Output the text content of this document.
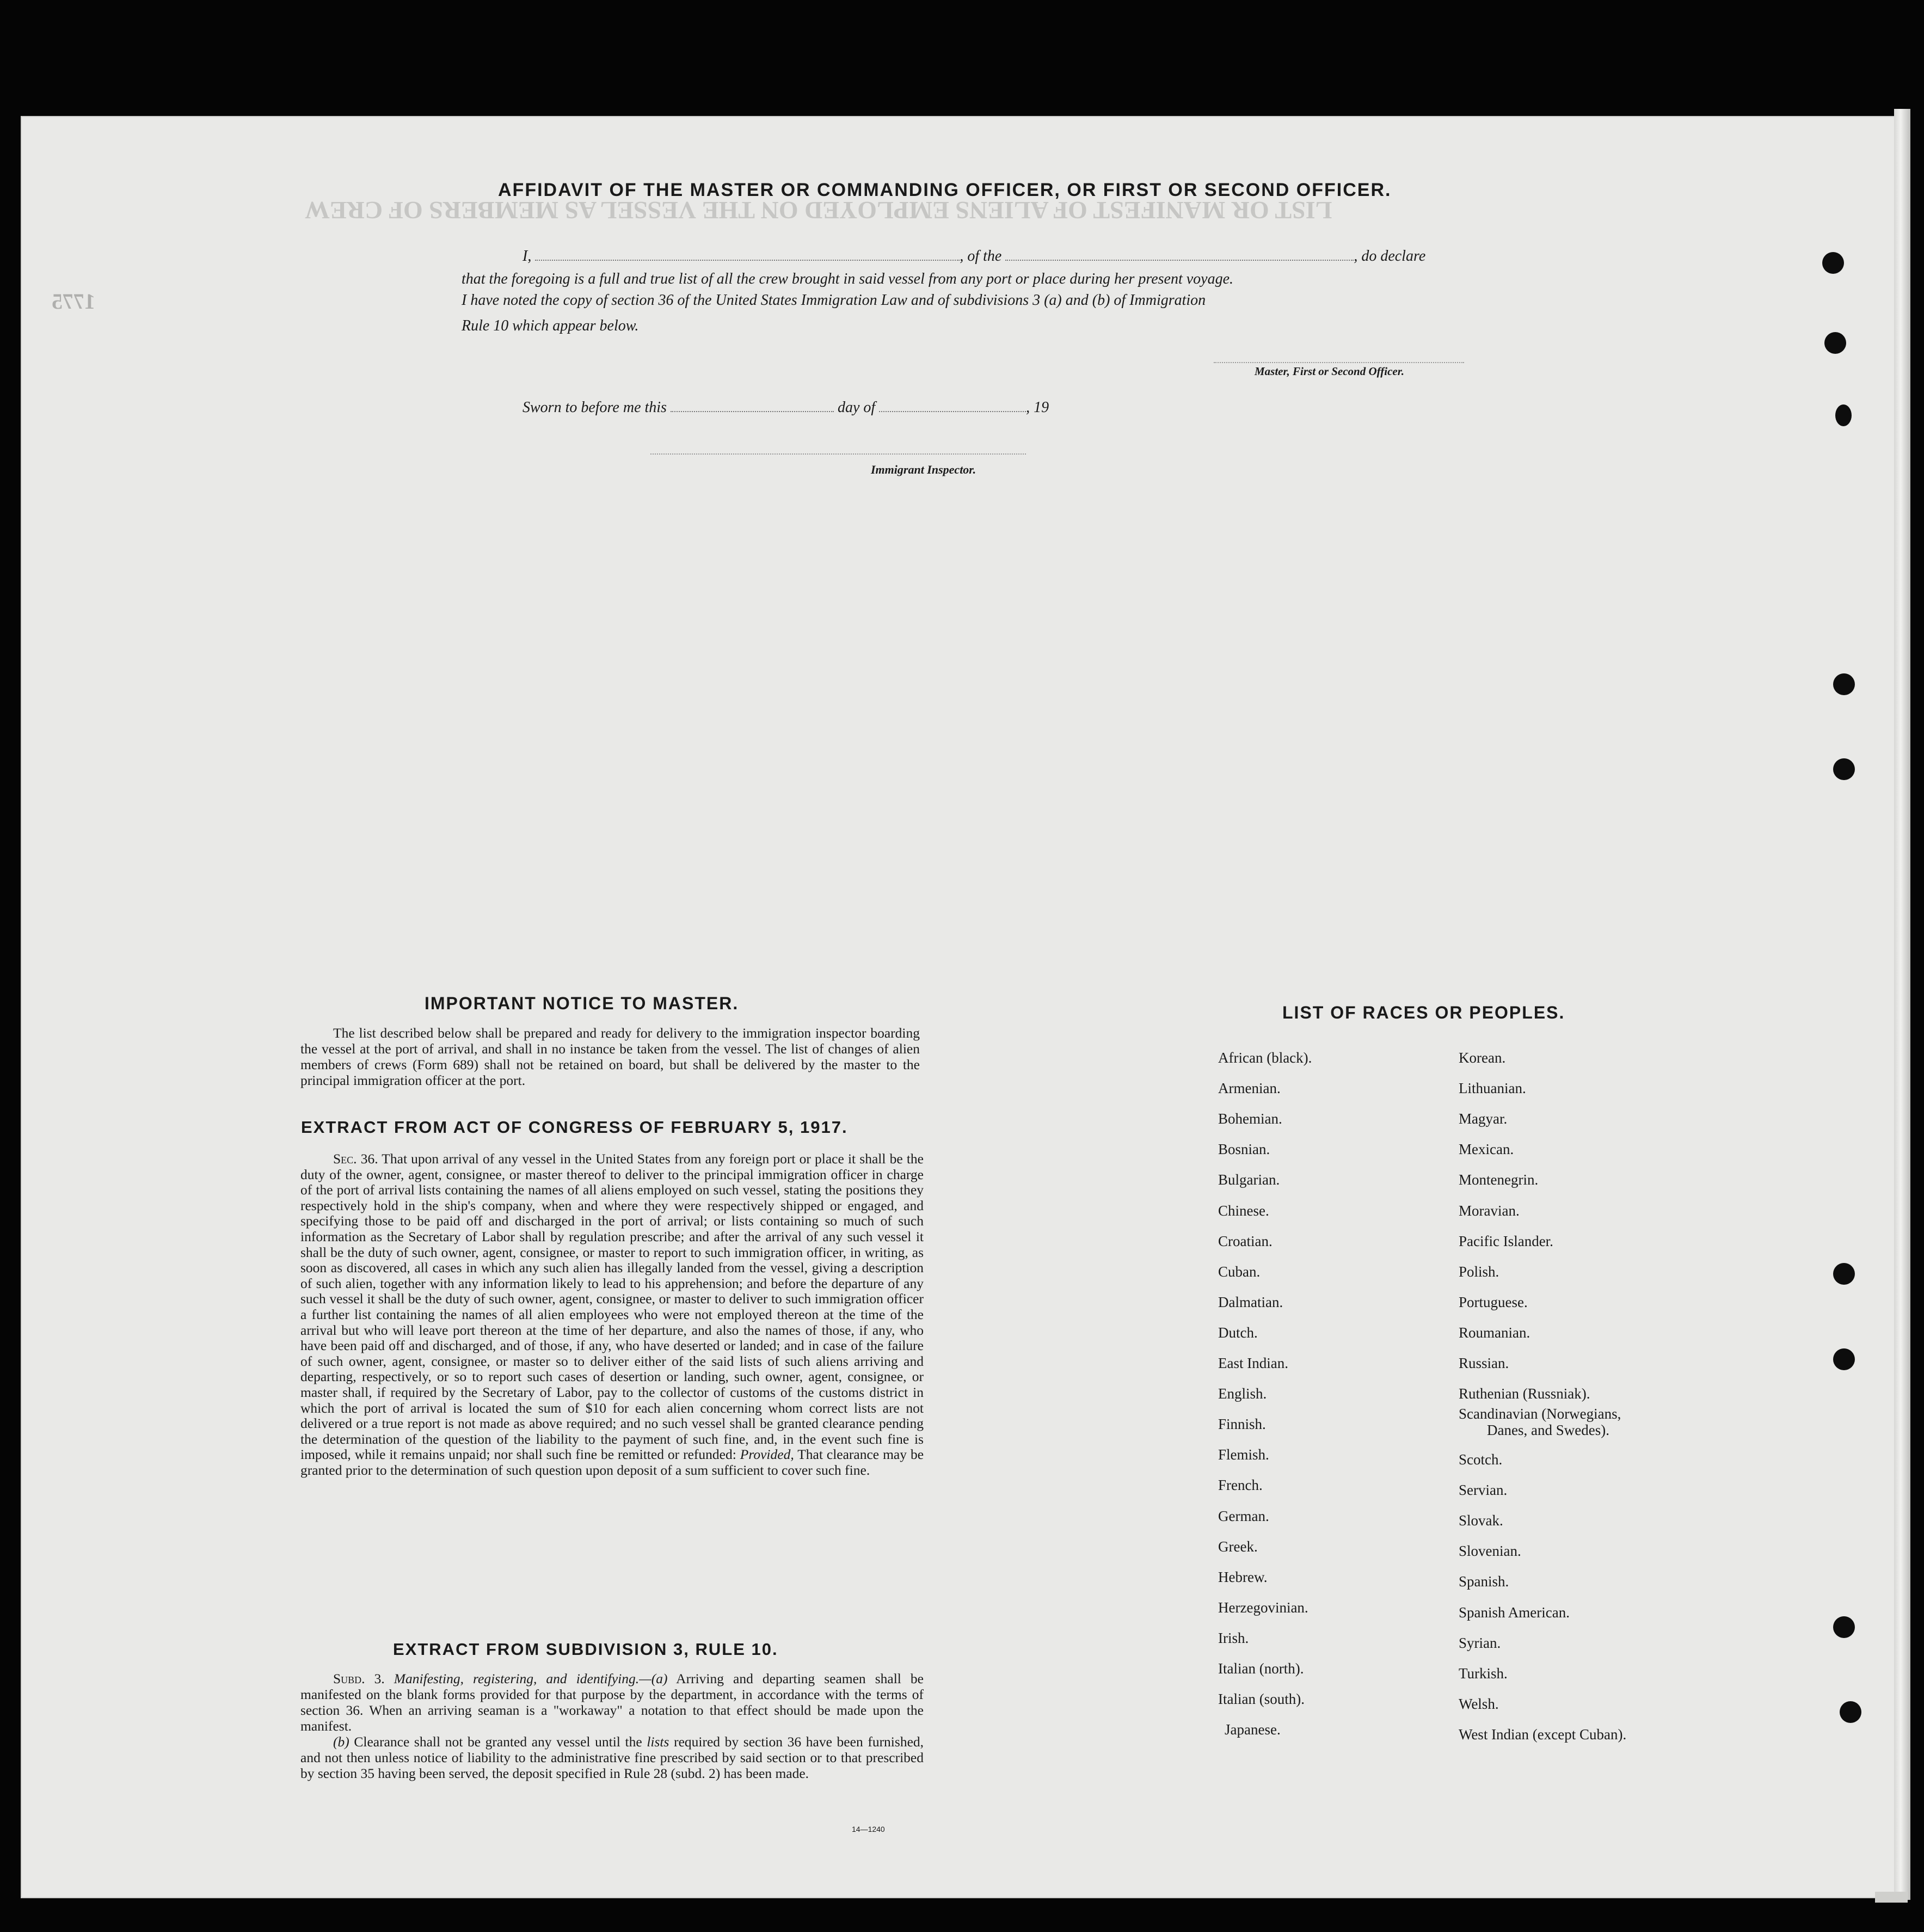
LIST OR MANIFEST OF ALIENS EMPLOYED ON THE VESSEL AS MEMBERS OF CREW
1775
AFFIDAVIT OF THE MASTER OR COMMANDING OFFICER, OR FIRST OR SECOND OFFICER.
I,	, of the	, do declare
that the foregoing is a full and true list of all the crew brought in said vessel from any port or place during her present voyage.
I have noted the copy of section 36 of the United States Immigration Law and of subdivisions 3 (a) and (b) of Immigration
Rule 10 which appear below.
Master, First or Second Officer.
Sworn to before me this	day of	, 19
Immigrant Inspector.
IMPORTANT NOTICE TO MASTER.

The list described below shall be prepared and ready for delivery to the immigration inspector boarding the vessel at the port of arrival, and shall in no instance be taken from the vessel. The list of changes of alien members of crews (Form 689) shall not be retained on board, but shall be delivered by the master to the principal immigration officer at the port.

EXTRACT FROM ACT OF CONGRESS OF FEBRUARY 5, 1917.

Sec. 36. That upon arrival of any vessel in the United States from any foreign port or place it shall be the duty of the owner, agent, consignee, or master thereof to deliver to the principal immigration officer in charge of the port of arrival lists containing the names of all aliens employed on such vessel, stating the positions they respectively hold in the ship's company, when and where they were respectively shipped or engaged, and specifying those to be paid off and discharged in the port of arrival; or lists containing so much of such information as the Secretary of Labor shall by regulation prescribe; and after the arrival of any such vessel it shall be the duty of such owner, agent, consignee, or master to report to such immigration officer, in writing, as soon as discovered, all cases in which any such alien has illegally landed from the vessel, giving a description of such alien, together with any information likely to lead to his apprehension; and before the departure of any such vessel it shall be the duty of such owner, agent, consignee, or master to deliver to such immigration officer a further list containing the names of all alien employees who were not employed thereon at the time of the arrival but who will leave port thereon at the time of her departure, and also the names of those, if any, who have been paid off and discharged, and of those, if any, who have deserted or landed; and in case of the failure of such owner, agent, consignee, or master so to deliver either of the said lists of such aliens arriving and departing, respectively, or so to report such cases of desertion or landing, such owner, agent, consignee, or master shall, if required by the Secretary of Labor, pay to the collector of customs of the customs district in which the port of arrival is located the sum of $10 for each alien concerning whom correct lists are not delivered or a true report is not made as above required; and no such vessel shall be granted clearance pending the determination of the question of the liability to the payment of such fine, and, in the event such fine is imposed, while it remains unpaid; nor shall such fine be remitted or refunded: Provided, That clearance may be granted prior to the determination of such question upon deposit of a sum sufficient to cover such fine.

EXTRACT FROM SUBDIVISION 3, RULE 10.

Subd. 3. Manifesting, registering, and identifying.—(a) Arriving and departing seamen shall be manifested on the blank forms provided for that purpose by the department, in accordance with the terms of section 36. When an arriving seaman is a "workaway" a notation to that effect should be made upon the manifest.

(b) Clearance shall not be granted any vessel until the lists required by section 36 have been furnished, and not then unless notice of liability to the administrative fine prescribed by said section or to that prescribed by section 35 having been served, the deposit specified in Rule 28 (subd. 2) has been made.

14—1240
LIST OF RACES OR PEOPLES.
African (black).
Armenian.
Bohemian.
Bosnian.
Bulgarian.
Chinese.
Croatian.
Cuban.
Dalmatian.
Dutch.
East Indian.
English.
Finnish.
Flemish.
French.
German.
Greek.
Hebrew.
Herzegovinian.
Irish.
Italian (north).
Italian (south).
Japanese.
Korean.
Lithuanian.
Magyar.
Mexican.
Montenegrin.
Moravian.
Pacific Islander.
Polish.
Portuguese.
Roumanian.
Russian.
Ruthenian (Russniak).
Scandinavian (Norwegians,
Danes, and Swedes).
Scotch.
Servian.
Slovak.
Slovenian.
Spanish.
Spanish American.
Syrian.
Turkish.
Welsh.
West Indian (except Cuban).
